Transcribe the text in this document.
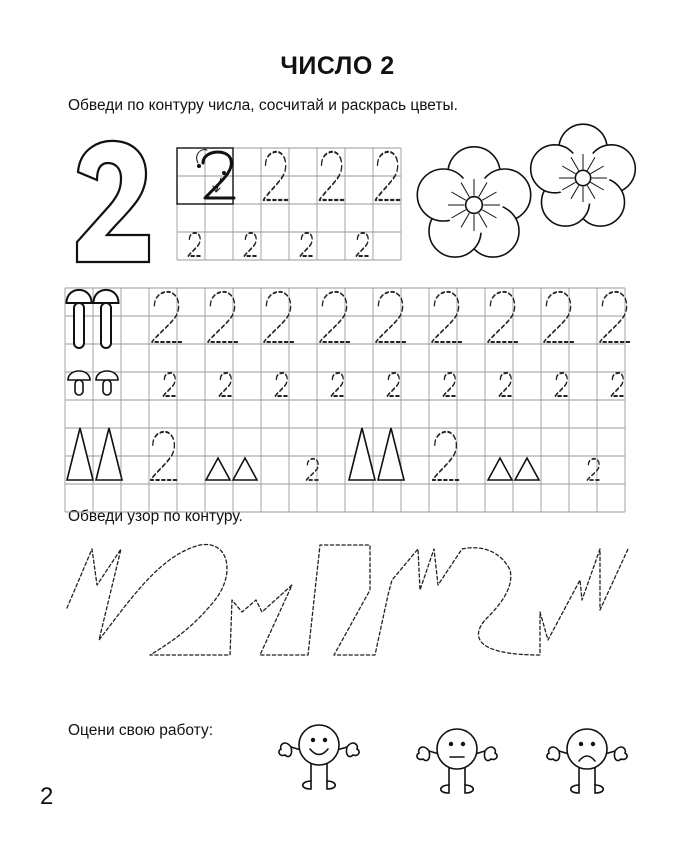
ЧИСЛО 2
Обведи по контуру числа, сосчитай и раскрась цветы.
Обведи узор по контуру.
Оцени свою работу:
2
